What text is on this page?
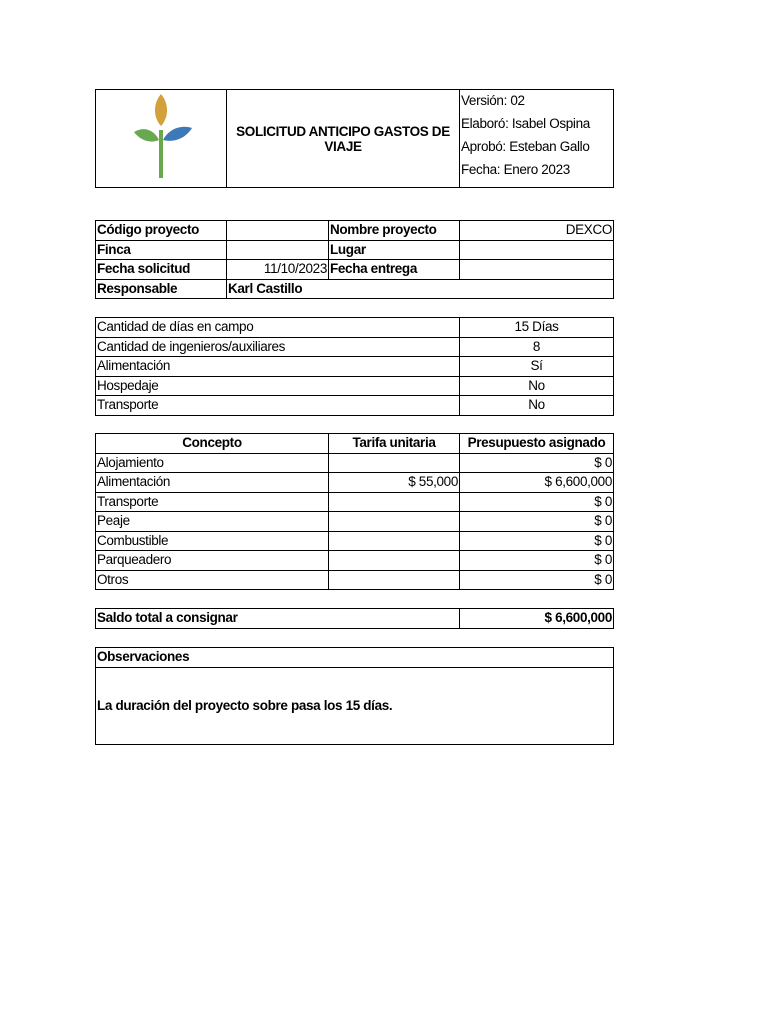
	SOLICITUD ANTICIPO GASTOS DE VIAJE	
Versión: 02
Elaboró: Isabel Ospina
Aprobó: Esteban Gallo
Fecha: Enero 2023
Código proyecto		Nombre proyecto	DEXCO
Finca		Lugar	
Fecha solicitud	11/10/2023	Fecha entrega	
Responsable	Karl Castillo		
Cantidad de días en campo	15 Días
Cantidad de ingenieros/auxiliares	8
Alimentación	Sí
Hospedaje	No
Transporte	No
Concepto	Tarifa unitaria	Presupuesto asignado
Alojamiento		$ 0
Alimentación	$ 55,000	$ 6,600,000
Transporte		$ 0
Peaje		$ 0
Combustible		$ 0
Parqueadero		$ 0
Otros		$ 0
Saldo total a consignar	$ 6,600,000
Observaciones
La duración del proyecto sobre pasa los 15 días.
